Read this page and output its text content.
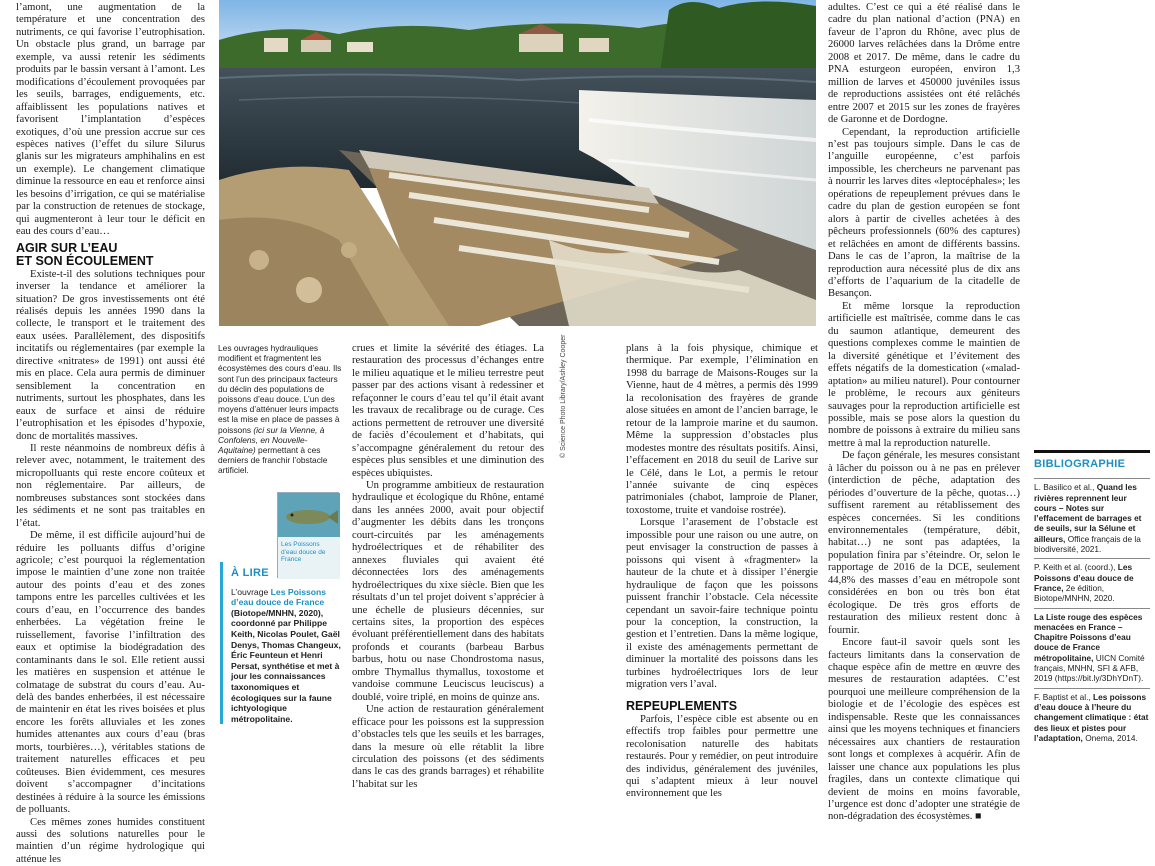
l’amont, une augmentation de la température et une concentration des nutriments, ce qui favorise l’eutrophisation. Un obstacle plus grand, un barrage par exemple, va aussi retenir les sédiments produits par le bassin versant à l’amont. Les modifications d’écoulement provoquées par les seuils, barrages, endiguements, etc. affaiblissent les populations natives et favorisent l’implantation d’espèces exotiques, d’où une pression accrue sur ces espèces natives (l’effet du silure Silurus glanis sur les migrateurs amphihalins en est un exemple). Le changement climatique diminue la ressource en eau et renforce ainsi les besoins d’irrigation, ce qui se matérialise par la construction de retenues de stockage, qui augmenteront à leur tour le déficit en eau des cours d’eau…

AGIR SUR L’EAU
ET SON ÉCOULEMENT

Existe-t-il des solutions techniques pour inverser la tendance et améliorer la situation? De gros investissements ont été réalisés depuis les années 1990 dans la collecte, le transport et le traitement des eaux usées. Parallèlement, des dispositifs incitatifs ou réglementaires (par exemple la directive «nitrates» de 1991) ont aussi été mis en place. Cela aura permis de diminuer sensiblement la concentration en nutriments, surtout les phosphates, dans les eaux de surface et ainsi de réduire l’eutrophisation et les épisodes d’hypoxie, donc de mortalités massives.

Il reste néanmoins de nombreux défis à relever avec, notamment, le traitement des micropolluants qui reste encore coûteux et non réglementaire. Par ailleurs, de nombreuses substances sont stockées dans les sédiments et ne sont pas traitables en l’état.

De même, il est difficile aujourd’hui de réduire les polluants diffus d’origine agricole; c’est pourquoi la réglementation impose le maintien d’une zone non traitée autour des points d’eau et des zones tampons entre les parcelles cultivées et les cours d’eau, en l’occurrence des bandes enherbées. La végétation freine le ruissellement, favorise l’infiltration des eaux et optimise la biodégradation des contaminants dans le sol. Elle retient aussi les matières en suspension et atténue le colmatage de substrat du cours d’eau. Au-delà des bandes enherbées, il est nécessaire de maintenir en état les rives boisées et plus encore les forêts alluviales et les zones humides attenantes aux cours d’eau (bras morts, tourbières…), véritables stations de traitement naturelles efficaces et peu coûteuses. Bien évidemment, ces mesures doivent s’accompagner d’incitations destinées à réduire à la source les émissions de polluants.

Ces mêmes zones humides constituent aussi des solutions naturelles pour le maintien d’un régime hydrologique qui atténue les

Les ouvrages hydrauliques modifient et fragmentent les écosystèmes des cours d’eau. Ils sont l’un des principaux facteurs du déclin des populations de poissons d’eau douce. L’un des moyens d’atténuer leurs impacts est la mise en place de passes à poissons (ici sur la Vienne, à Confolens, en Nouvelle-Aquitaine) permettant à ces derniers de franchir l’obstacle artificiel.
© Science Photo Library/Ashley Cooper

crues et limite la sévérité des étiages. La restauration des processus d’échanges entre le milieu aquatique et le milieu terrestre peut passer par des actions visant à redessiner et refaçonner le cours d’eau tel qu’il était avant les travaux de recalibrage ou de curage. Ces actions permettent de retrouver une diversité de faciès d’écoulement et d’habitats, qui s’accompagne généralement du retour des espèces plus sensibles et une diminution des espèces ubiquistes.

Un programme ambitieux de restauration hydraulique et écologique du Rhône, entamé dans les années 2000, avait pour objectif d’augmenter les débits dans les tronçons court-circuités par les aménagements hydroélectriques et de réhabiliter des annexes fluviales qui avaient été déconnectées lors des aménagements hydroélectriques du xixe siècle. Bien que les résultats d’un tel projet doivent s’apprécier à une échelle de plusieurs décennies, sur certains sites, la proportion des espèces évoluant préférentiellement dans des habitats profonds et courants (barbeau Barbus barbus, hotu ou nase Chondrostoma nasus, ombre Thymallus thymallus, toxostome et vandoise commune Leuciscus leuciscus) a doublé, voire triplé, en moins de quinze ans.

Une action de restauration généralement efficace pour les poissons est la suppression d’obstacles tels que les seuils et les barrages, dans la mesure où elle rétablit la libre circulation des poissons (et des sédiments dans le cas des grands barrages) et réhabilite l’habitat sur les

plans à la fois physique, chimique et thermique. Par exemple, l’élimination en 1998 du barrage de Maisons-Rouges sur la Vienne, haut de 4 mètres, a permis dès 1999 la recolonisation des frayères de grande alose situées en amont de l’ancien barrage, le retour de la lamproie marine et du saumon. Même la suppression d’obstacles plus modestes montre des résultats positifs. Ainsi, l’effacement en 2018 du seuil de Larive sur le Célé, dans le Lot, a permis le retour l’année suivante de cinq espèces patrimoniales (chabot, lamproie de Planer, toxostome, truite et vandoise rostrée).

Lorsque l’arasement de l’obstacle est impossible pour une raison ou une autre, on peut envisager la construction de passes à poissons qui visent à «fragmenter» la hauteur de la chute et à dissiper l’énergie hydraulique de façon que les poissons puissent franchir l’obstacle. Cela nécessite cependant un savoir-faire technique pointu pour la conception, la construction, la gestion et l’entretien. Dans la même logique, il existe des aménagements permettant de diminuer la mortalité des poissons dans les turbines hydroélectriques lors de leur migration vers l’aval.

REPEUPLEMENTS

Parfois, l’espèce cible est absente ou en effectifs trop faibles pour permettre une recolonisation naturelle des habitats restaurés. Pour y remédier, on peut introduire des individus, généralement des juvéniles, qui s’adaptent mieux à leur nouvel environnement que les

adultes. C’est ce qui a été réalisé dans le cadre du plan national d’action (PNA) en faveur de l’apron du Rhône, avec plus de 26000 larves relâchées dans la Drôme entre 2008 et 2017. De même, dans le cadre du PNA esturgeon européen, environ 1,3 million de larves et 450000 juvéniles issus de reproductions assistées ont été relâchés entre 2007 et 2015 sur les zones de frayères de Garonne et de Dordogne.

Cependant, la reproduction artificielle n’est pas toujours simple. Dans le cas de l’anguille européenne, c’est parfois impossible, les chercheurs ne parvenant pas à nourrir les larves dites «leptocéphales»; les opérations de repeuplement prévues dans le cadre du plan de gestion européen se font alors à partir de civelles achetées à des pêcheurs professionnels (60% des captures) et relâchées en amont de différents bassins. Dans le cas de l’apron, la maîtrise de la reproduction aura nécessité plus de dix ans d’efforts de l’aquarium de la citadelle de Besançon.

Et même lorsque la reproduction artificielle est maîtrisée, comme dans le cas du saumon atlantique, demeurent des questions complexes comme le maintien de la diversité génétique et l’évitement des effets négatifs de la domestication («maladaptation» au milieu naturel). Pour contourner le problème, le recours aux géniteurs sauvages pour la reproduction artificielle est possible, mais se pose alors la question du nombre de poissons à extraire du milieu sans mettre à mal la reproduction naturelle.

De façon générale, les mesures consistant à lâcher du poisson ou à ne pas en prélever (interdiction de pêche, adaptation des périodes d’ouverture de la pêche, quotas…) suffisent rarement au rétablissement des espèces concernées. Si les conditions environnementales (température, débit, habitat…) ne sont pas adaptées, la population finira par s’éteindre. Or, selon le rapportage de 2016 de la DCE, seulement 44,8% des masses d’eau en métropole sont considérées en bon ou très bon état écologique. De très gros efforts de restauration des milieux restent donc à fournir.

Encore faut-il savoir quels sont les facteurs limitants dans la conservation de chaque espèce afin de mettre en œuvre des mesures de restauration adaptées. C’est pourquoi une meilleure compréhension de la biologie et de l’écologie des espèces est indispensable. Reste que les connaissances ainsi que les moyens techniques et financiers nécessaires aux chantiers de restauration sont longs et complexes à acquérir. Afin de laisser une chance aux populations les plus fragiles, dans un contexte climatique qui devient de moins en moins favorable, l’urgence est donc d’adopter une stratégie de non-dégradation des écosystèmes. ■

Les Poissons d’eau douce de France
À LIRE
L’ouvrage Les Poissons d’eau douce de France (Biotope/MNHN, 2020), coordonné par Philippe Keith, Nicolas Poulet, Gaël Denys, Thomas Changeux, Éric Feunteun et Henri Persat, synthétise et met à jour les connaissances taxonomiques et écologiques sur la faune ichtyologique métropolitaine.
BIBLIOGRAPHIE
L. Basilico et al., Quand les rivières reprennent leur cours – Notes sur l’effacement de barrages et de seuils, sur la Sélune et ailleurs, Office français de la biodiversité, 2021.
P. Keith et al. (coord.), Les Poissons d’eau douce de France, 2e édition, Biotope/MNHN, 2020.
La Liste rouge des espèces menacées en France – Chapitre Poissons d’eau douce de France métropolitaine, UICN Comité français, MNHN, SFI & AFB, 2019 (https://bit.ly/3DhYDnT).
F. Baptist et al., Les poissons d’eau douce à l’heure du changement climatique : état des lieux et pistes pour l’adaptation, Onema, 2014.
